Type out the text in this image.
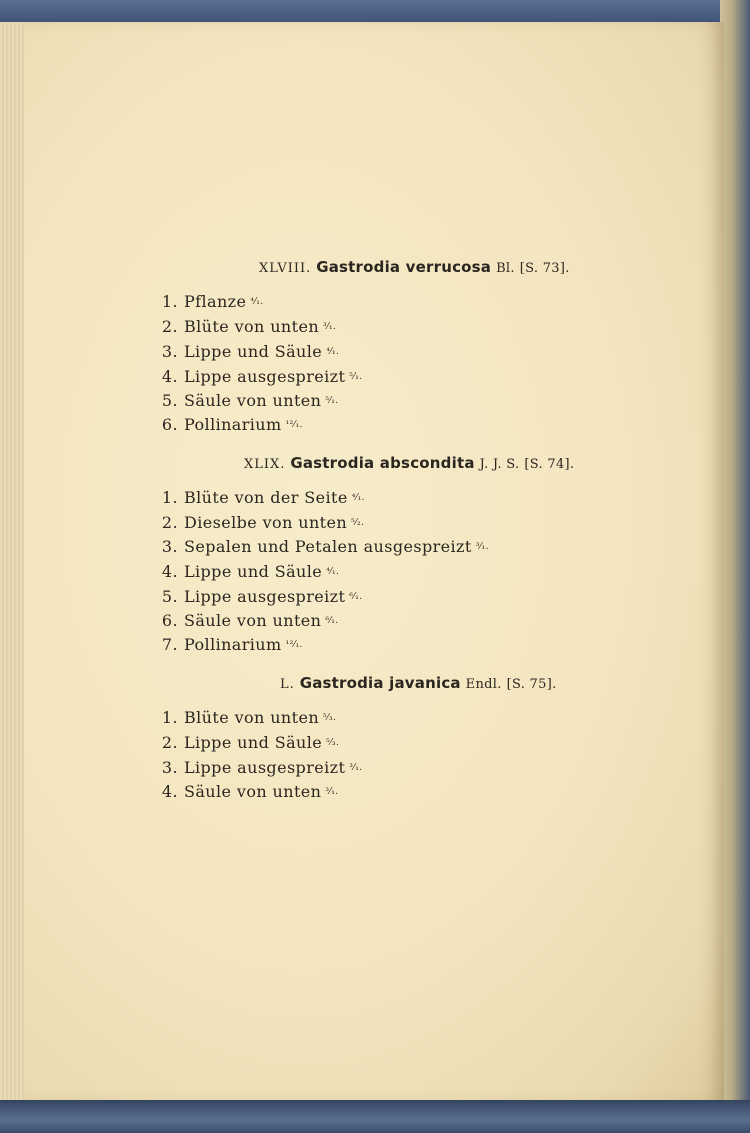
XLVIII. Gastrodia verrucosa Bl. [S. 73].
1. Pflanze ⁴⁄₁.
2. Blüte von unten ³⁄₁.
3. Lippe und Säule ⁴⁄₁.
4. Lippe ausgespreizt ⁵⁄₁.
5. Säule von unten ⁵⁄₁.
6. Pollinarium ¹²⁄₁.
XLIX. Gastrodia abscondita J. J. S. [S. 74].
1. Blüte von der Seite ⁴⁄₁.
2. Dieselbe von unten ⁵⁄₂.
3. Sepalen und Petalen ausgespreizt ³⁄₁.
4. Lippe und Säule ⁴⁄₁.
5. Lippe ausgespreizt ⁶⁄₁.
6. Säule von unten ⁶⁄₁.
7. Pollinarium ¹²⁄₁.
L. Gastrodia javanica Endl. [S. 75].
1. Blüte von unten ⁵⁄₃.
2. Lippe und Säule ⁵⁄₃.
3. Lippe ausgespreizt ³⁄₁.
4. Säule von unten ³⁄₁.
